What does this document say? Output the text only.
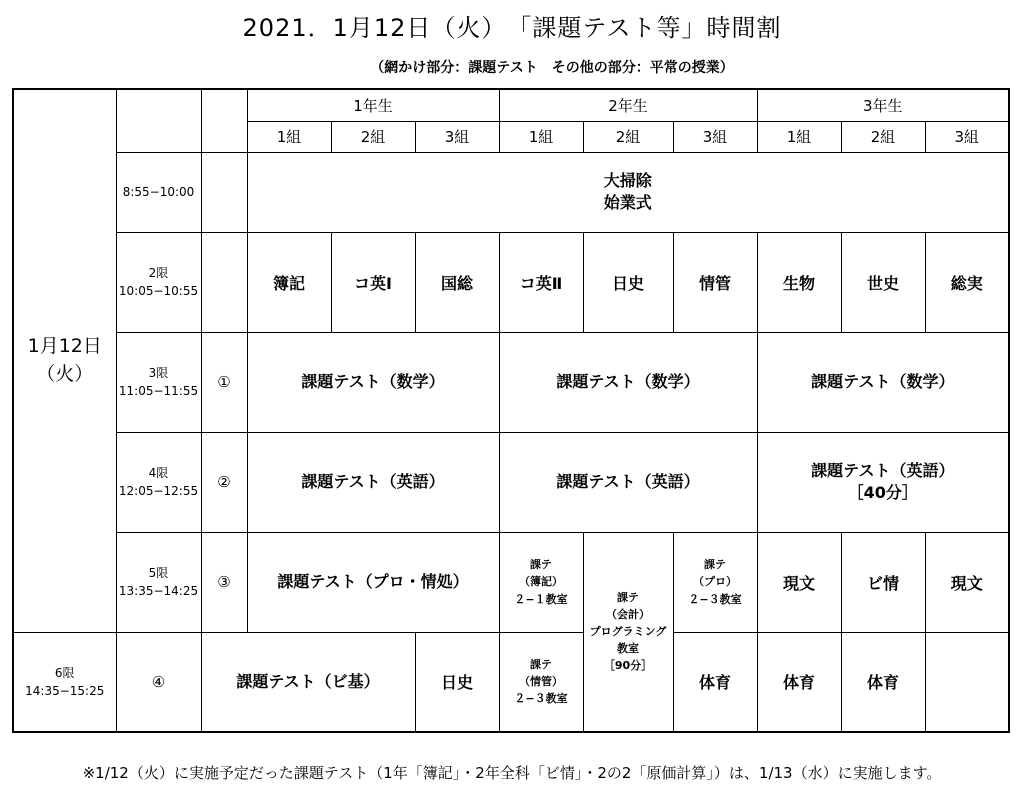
2021．1月12日（火）　「課題テスト等」時間割
（網かけ部分：課題テスト　その他の部分：平常の授業）
1月12日
（火）			1年生			2年生			3年生		
			1組	2組	3組	1組	2組	3組	1組	2組	3組

	8:55−10:00		大掃除
始業式								

	2限
10:05−10:55		簿記	コ英Ⅰ	国総	コ英Ⅱ	日史	情管	生物	世史	総実

	3限
11:05−11:55	①	課題テスト（数学）			課題テスト（数学）			課題テスト（数学）		

	4限
12:05−12:55	②	課題テスト（英語）			課題テスト（英語）			課題テスト（英語）
［40分］		

	5限
13:35−14:25	③	課題テスト（プロ・情処）			課テ
（簿記）
２−１教室	課テ
（会計）
プログラミング
教室
［90分］	課テ
（プロ）
２−３教室	現文	ビ情	現文

6限
14:35−15:25	④	課題テスト（ビ基）			日史	課テ
（情管）
２−３教室		体育	体育	体育	
※1/12（火）に実施予定だった課題テスト（1年「簿記」・2年全科「ビ情」・2の2「原価計算」）は、1/13（水）に実施します。
